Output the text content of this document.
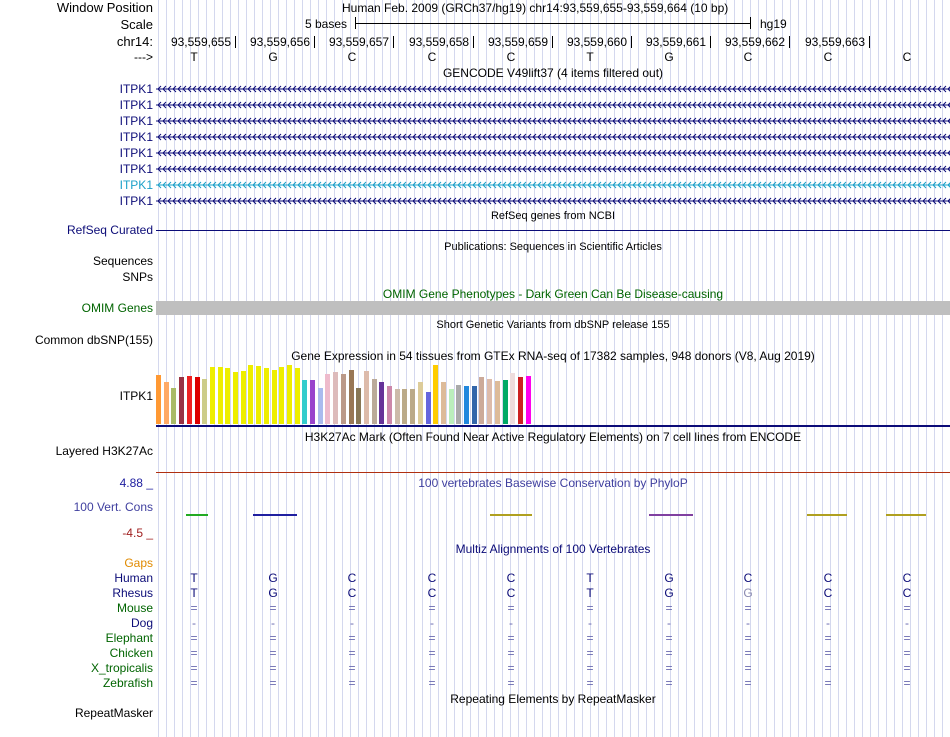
Window Position	Human Feb. 2009 (GRCh37/hg19) chr14:93,559,655-93,559,664 (10 bp)
Scale	5 bases	hg19
chr14:	93,559,655	93,559,656	93,559,657	93,559,658	93,559,659	93,559,660	93,559,661	93,559,662	93,559,663
--->	T	G	C	C	C	T	G	C	C	C
GENCODE V49lift37 (4 items filtered out)
ITPK1
ITPK1
ITPK1
ITPK1
ITPK1
ITPK1
ITPK1
ITPK1
RefSeq genes from NCBI
RefSeq Curated
Publications: Sequences in Scientific Articles
Sequences
SNPs
OMIM Gene Phenotypes - Dark Green Can Be Disease-causing
OMIM Genes
Short Genetic Variants from dbSNP release 155
Common dbSNP(155)
Gene Expression in 54 tissues from GTEx RNA-seq of 17382 samples, 948 donors (V8, Aug 2019)
ITPK1
H3K27Ac Mark (Often Found Near Active Regulatory Elements) on 7 cell lines from ENCODE
Layered H3K27Ac
100 vertebrates Basewise Conservation by PhyloP
4.88 _
100 Vert. Cons
-4.5 _
Multiz Alignments of 100 Vertebrates
Gaps
Human	T	G	C	C	C	T	G	C	C	C
Rhesus	T	G	C	C	C	T	G	G	C	C
Mouse	=	=	=	=	=	=	=	=	=	=
Dog	-	-	-	-	-	-	-	-	-	-
Elephant	=	=	=	=	=	=	=	=	=	=
Chicken	=	=	=	=	=	=	=	=	=	=
X_tropicalis	=	=	=	=	=	=	=	=	=	=
Zebrafish	=	=	=	=	=	=	=	=	=	=
Repeating Elements by RepeatMasker
RepeatMasker
